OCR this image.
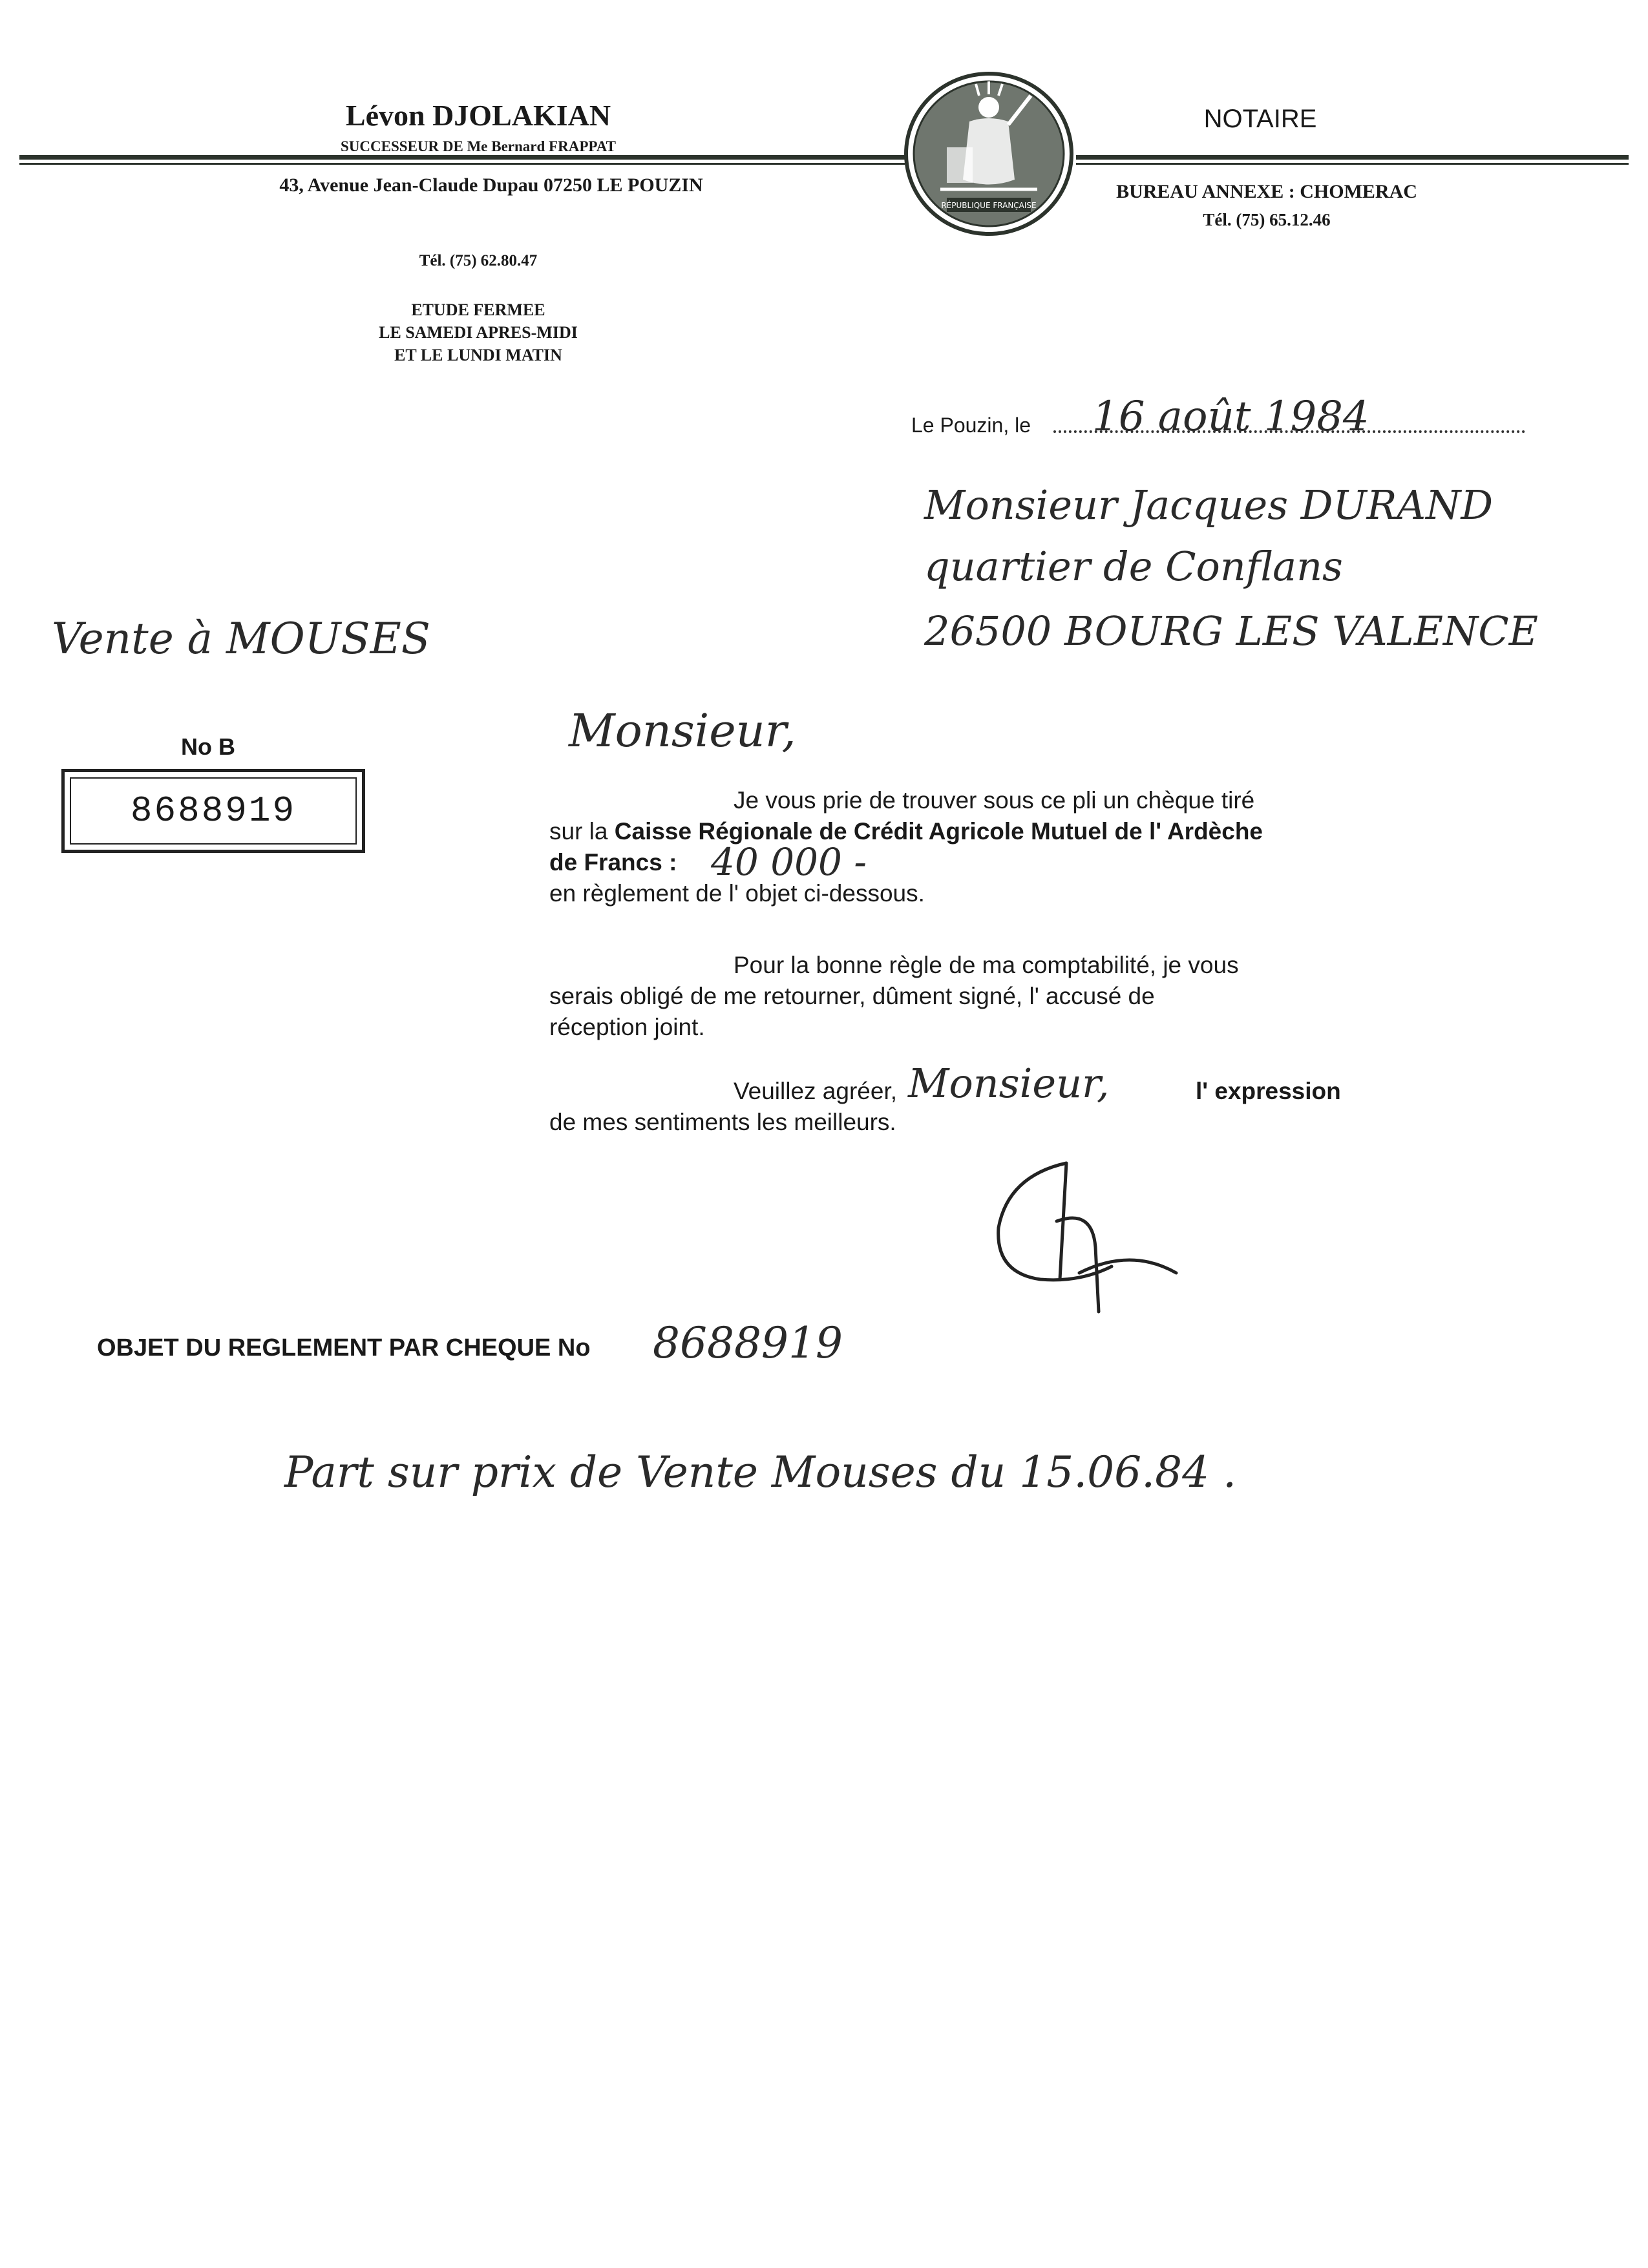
Lévon DJOLAKIAN
SUCCESSEUR DE Me Bernard FRAPPAT
43, Avenue Jean-Claude Dupau 07250 LE POUZIN
Tél. (75) 62.80.47
ETUDE FERMEE
LE SAMEDI APRES-MIDI
ET LE LUNDI MATIN
NOTAIRE
BUREAU ANNEXE : CHOMERAC
Tél. (75) 65.12.46
RÉPUBLIQUE FRANÇAISE
Le Pouzin, le 16 août 1984
Monsieur Jacques DURAND
quartier de Conflans
26500 BOURG LES VALENCE
Vente à MOUSES
No B
8688919
Monsieur,
Je vous prie de trouver sous ce pli un chèque tiré
sur la Caisse Régionale de Crédit Agricole Mutuel de l' Ardèche
de Francs : 40 000 -
en règlement de l' objet ci-dessous.
Pour la bonne règle de ma comptabilité, je vous
serais obligé de me retourner, dûment signé, l' accusé de
réception joint.
Veuillez agréer, Monsieur,	l' expression
de mes sentiments les meilleurs.
OBJET DU REGLEMENT PAR CHEQUE No 8688919
Part sur prix de Vente Mouses du 15.06.84 .
